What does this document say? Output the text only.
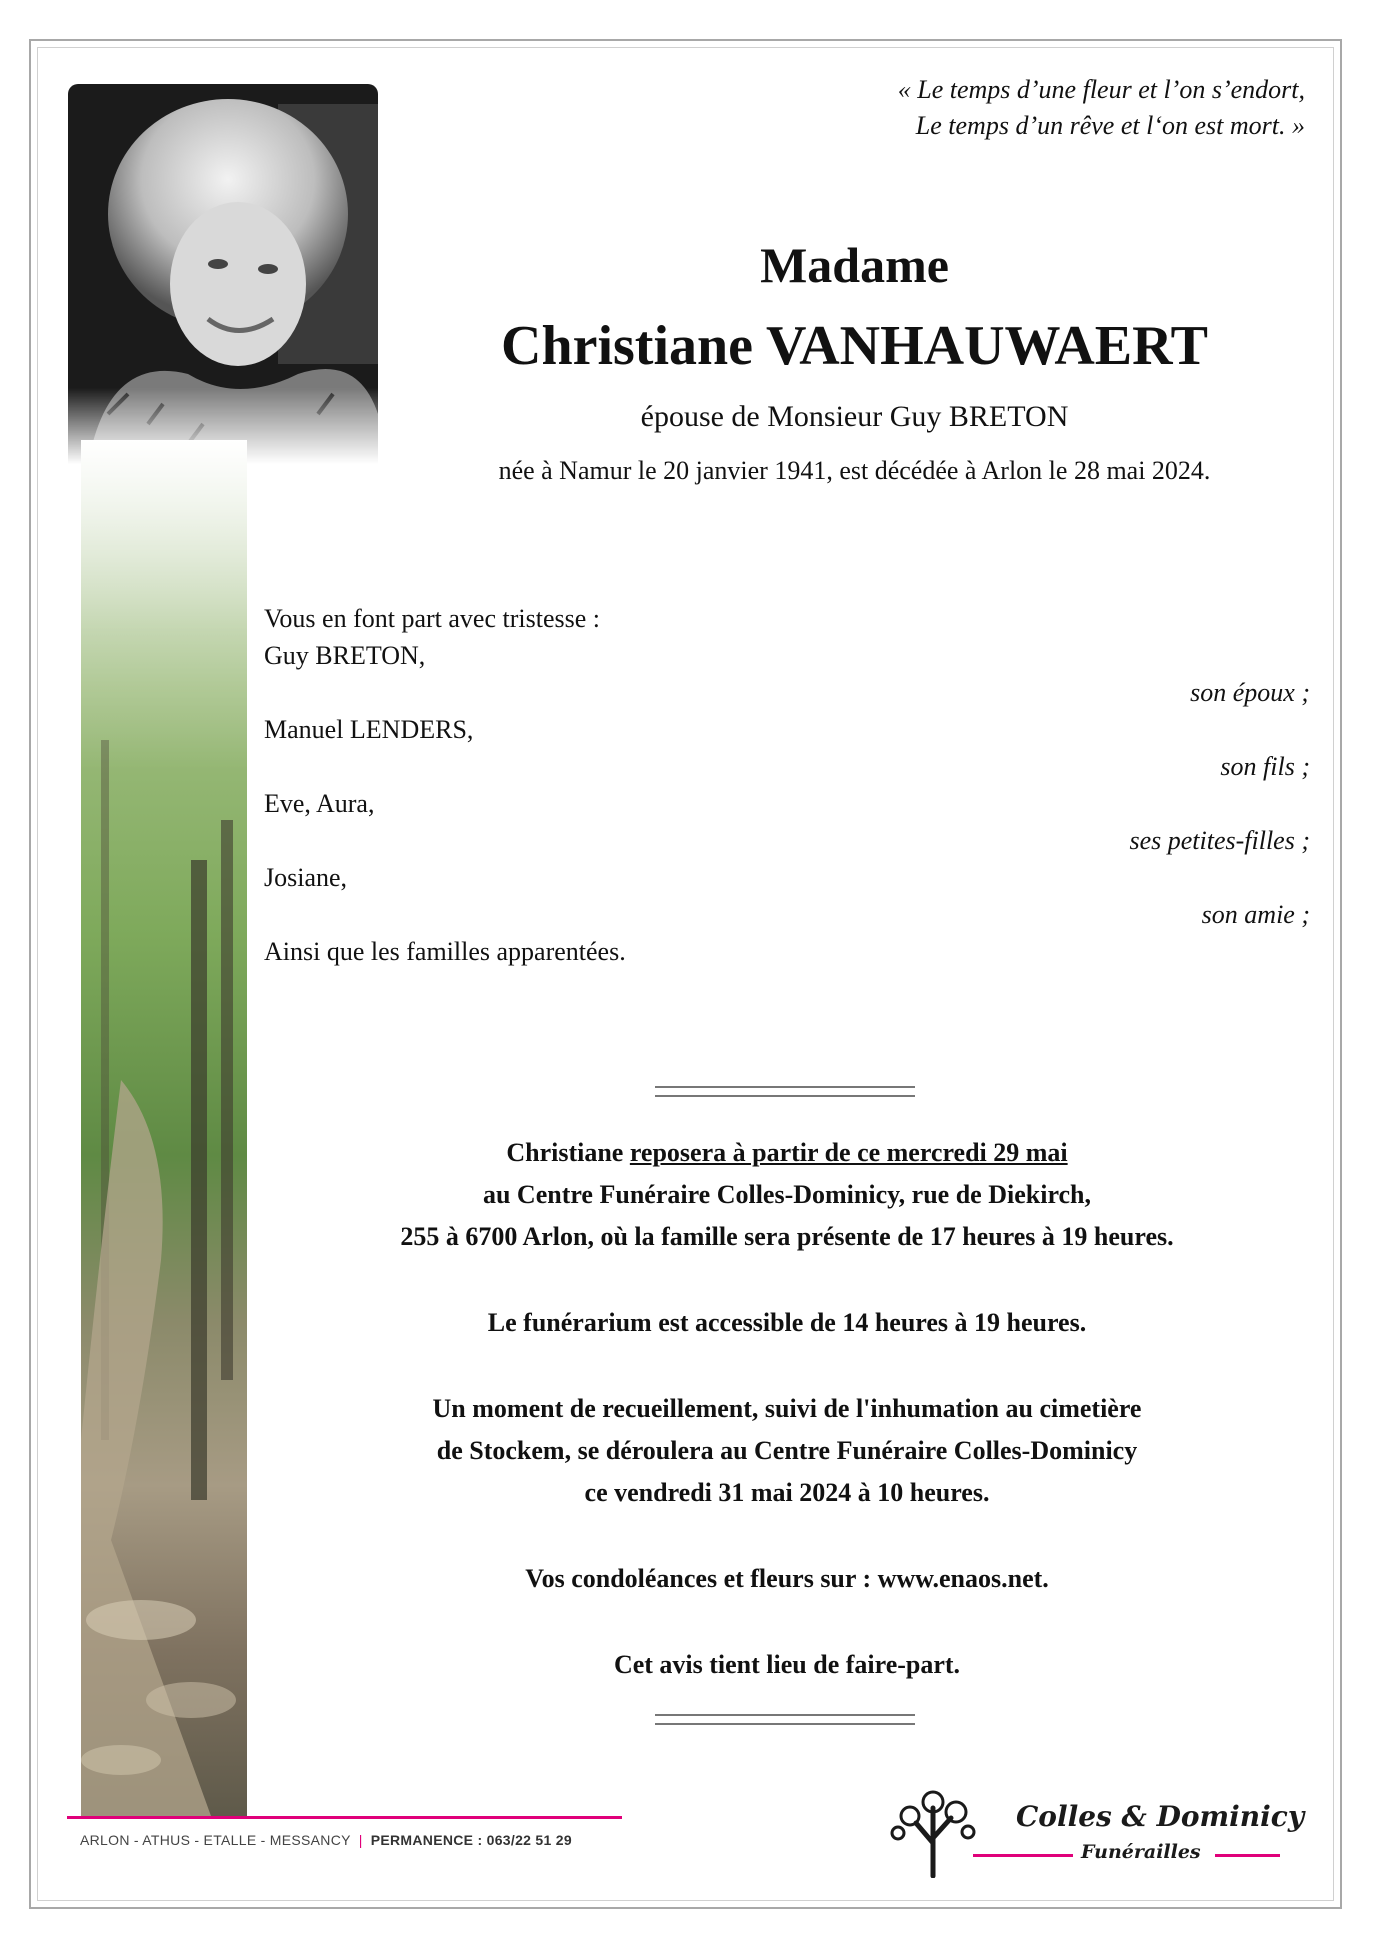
« Le temps d’une fleur et l’on s’endort,
Le temps d’un rêve et l‘on est mort. »
Madame
Christiane VANHAUWAERT
épouse de Monsieur Guy BRETON
née à Namur le 20 janvier 1941, est décédée à Arlon le 28 mai 2024.
Vous en font part avec tristesse :
Guy BRETON,
son époux ;
Manuel LENDERS,
son fils ;
Eve, Aura,
ses petites-filles ;
Josiane,
son amie ;
Ainsi que les familles apparentées.
Christiane reposera à partir de ce mercredi 29 mai
au Centre Funéraire Colles-Dominicy, rue de Diekirch,
255 à 6700 Arlon, où la famille sera présente de 17 heures à 19 heures.
Le funérarium est accessible de 14 heures à 19 heures.
Un moment de recueillement, suivi de l'inhumation au cimetière
de Stockem, se déroulera au Centre Funéraire Colles-Dominicy
ce vendredi 31 mai 2024 à 10 heures.
Vos condoléances et fleurs sur : www.enaos.net.
Cet avis tient lieu de faire-part.
ARLON - ATHUS - ETALLE - MESSANCY | PERMANENCE : 063/22 51 29
Colles & Dominicy
Funérailles
